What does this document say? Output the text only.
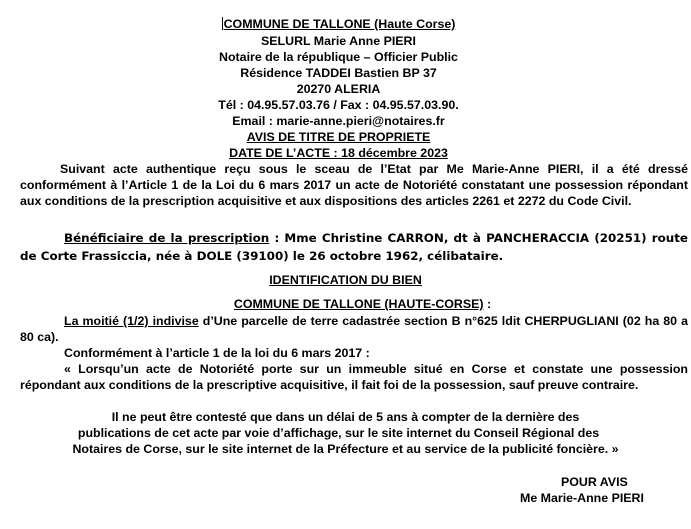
COMMUNE DE TALLONE (Haute Corse)
SELURL Marie Anne PIERI
Notaire de la république – Officier Public
Résidence TADDEI Bastien BP 37
20270 ALERIA
Tél : 04.95.57.03.76 / Fax : 04.95.57.03.90.
Email : marie-anne.pieri@notaires.fr
AVIS DE TITRE DE PROPRIETE
DATE DE L’ACTE : 18 décembre 2023
Suivant acte authentique reçu sous le sceau de l’Etat par Me Marie-Anne PIERI, il a été dressé conformément à l’Article 1 de la Loi du 6 mars 2017 un acte de Notoriété constatant une possession répondant aux conditions de la prescription acquisitive et aux dispositions des articles 2261 et 2272 du Code Civil.
Bénéficiaire de la prescription : Mme Christine CARRON, dt à PANCHERACCIA (20251) route de Corte Frassiccia, née à DOLE (39100) le 26 octobre 1962, célibataire.
IDENTIFICATION DU BIEN
COMMUNE DE TALLONE (HAUTE-CORSE) :
La moitié (1/2) indivise d’Une parcelle de terre cadastrée section B n°625 ldit CHERPUGLIANI (02 ha 80 a 80 ca).
Conformément à l’article 1 de la loi du 6 mars 2017 :
« Lorsqu’un acte de Notoriété porte sur un immeuble situé en Corse et constate une possession répondant aux conditions de la prescriptive acquisitive, il fait foi de la possession, sauf preuve contraire.
Il ne peut être contesté que dans un délai de 5 ans à compter de la dernière des
publications de cet acte par voie d’affichage, sur le site internet du Conseil Régional des
Notaires de Corse, sur le site internet de la Préfecture et au service de la publicité foncière. »
POUR AVIS
Me Marie-Anne PIERI
